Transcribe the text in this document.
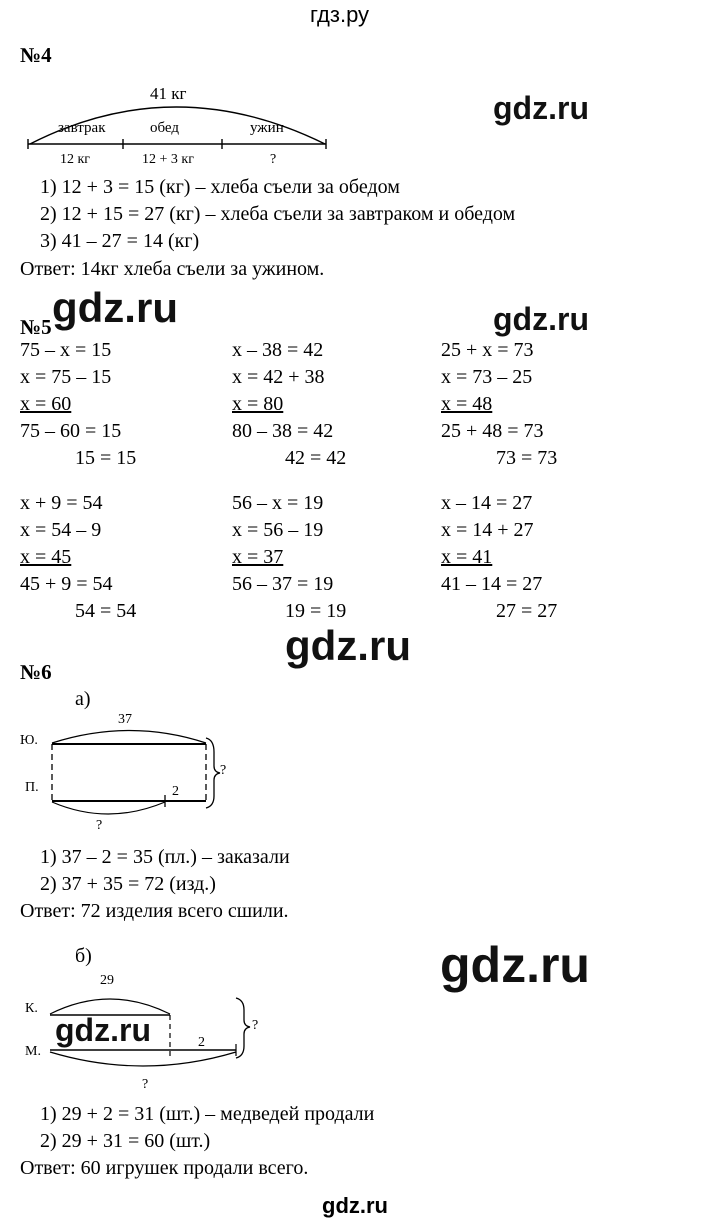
гдз.ру
№4
gdz.ru
41 кг
завтрак	обед	ужин
12 кг	12 + 3 кг	?
1) 12 + 3 = 15 (кг) – хлеба съели за обедом
2) 12 + 15 = 27 (кг) – хлеба съели за завтраком и обедом
3) 41 – 27 = 14 (кг)
Ответ: 14кг хлеба съели за ужином.
№5 gdz.ru	gdz.ru
75 – x = 15
x = 75 – 15
x = 60
75 – 60 = 15
15 = 15
x – 38 = 42
x = 42 + 38
x = 80
80 – 38 = 42
42 = 42
25 + x = 73
x = 73 – 25
x = 48
25 + 48 = 73
73 = 73
x + 9 = 54
x = 54 – 9
x = 45
45 + 9 = 54
54 = 54
56 – x = 19
x = 56 – 19
x = 37
56 – 37 = 19
19 = 19
x – 14 = 27
x = 14 + 27
x = 41
41 – 14 = 27
27 = 27
gdz.ru
№6
а)
37
Ю.
П.	2
?
?
1) 37 – 2 = 35 (пл.) – заказали
2) 37 + 35 = 72 (изд.)
Ответ: 72 изделия всего сшили.
б)	gdz.ru
29
К.
М.
2
?
?
gdz.ru
1) 29 + 2 = 31 (шт.) – медведей продали
2) 29 + 31 = 60 (шт.)
Ответ: 60 игрушек продали всего.
gdz.ru
